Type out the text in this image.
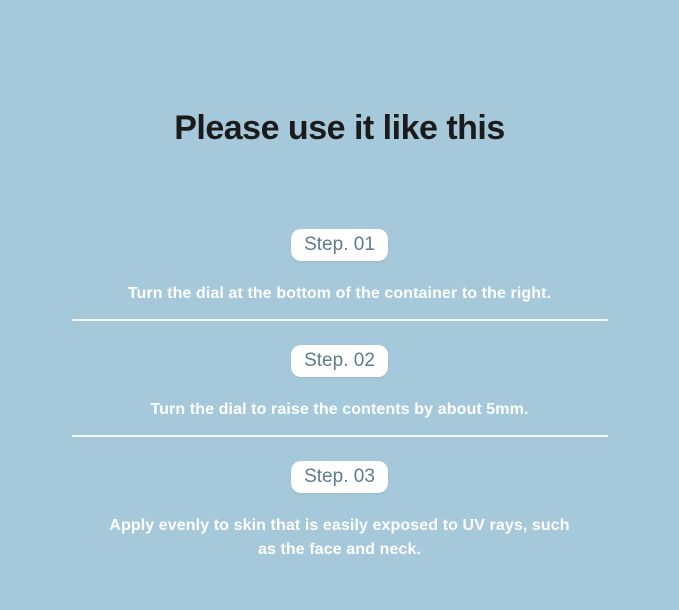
Please use it like this
Step. 01

Turn the dial at the bottom of the container to the right.

Step. 02

Turn the dial to raise the contents by about 5mm.

Step. 03

Apply evenly to skin that is easily exposed to UV rays, such
as the face and neck.
